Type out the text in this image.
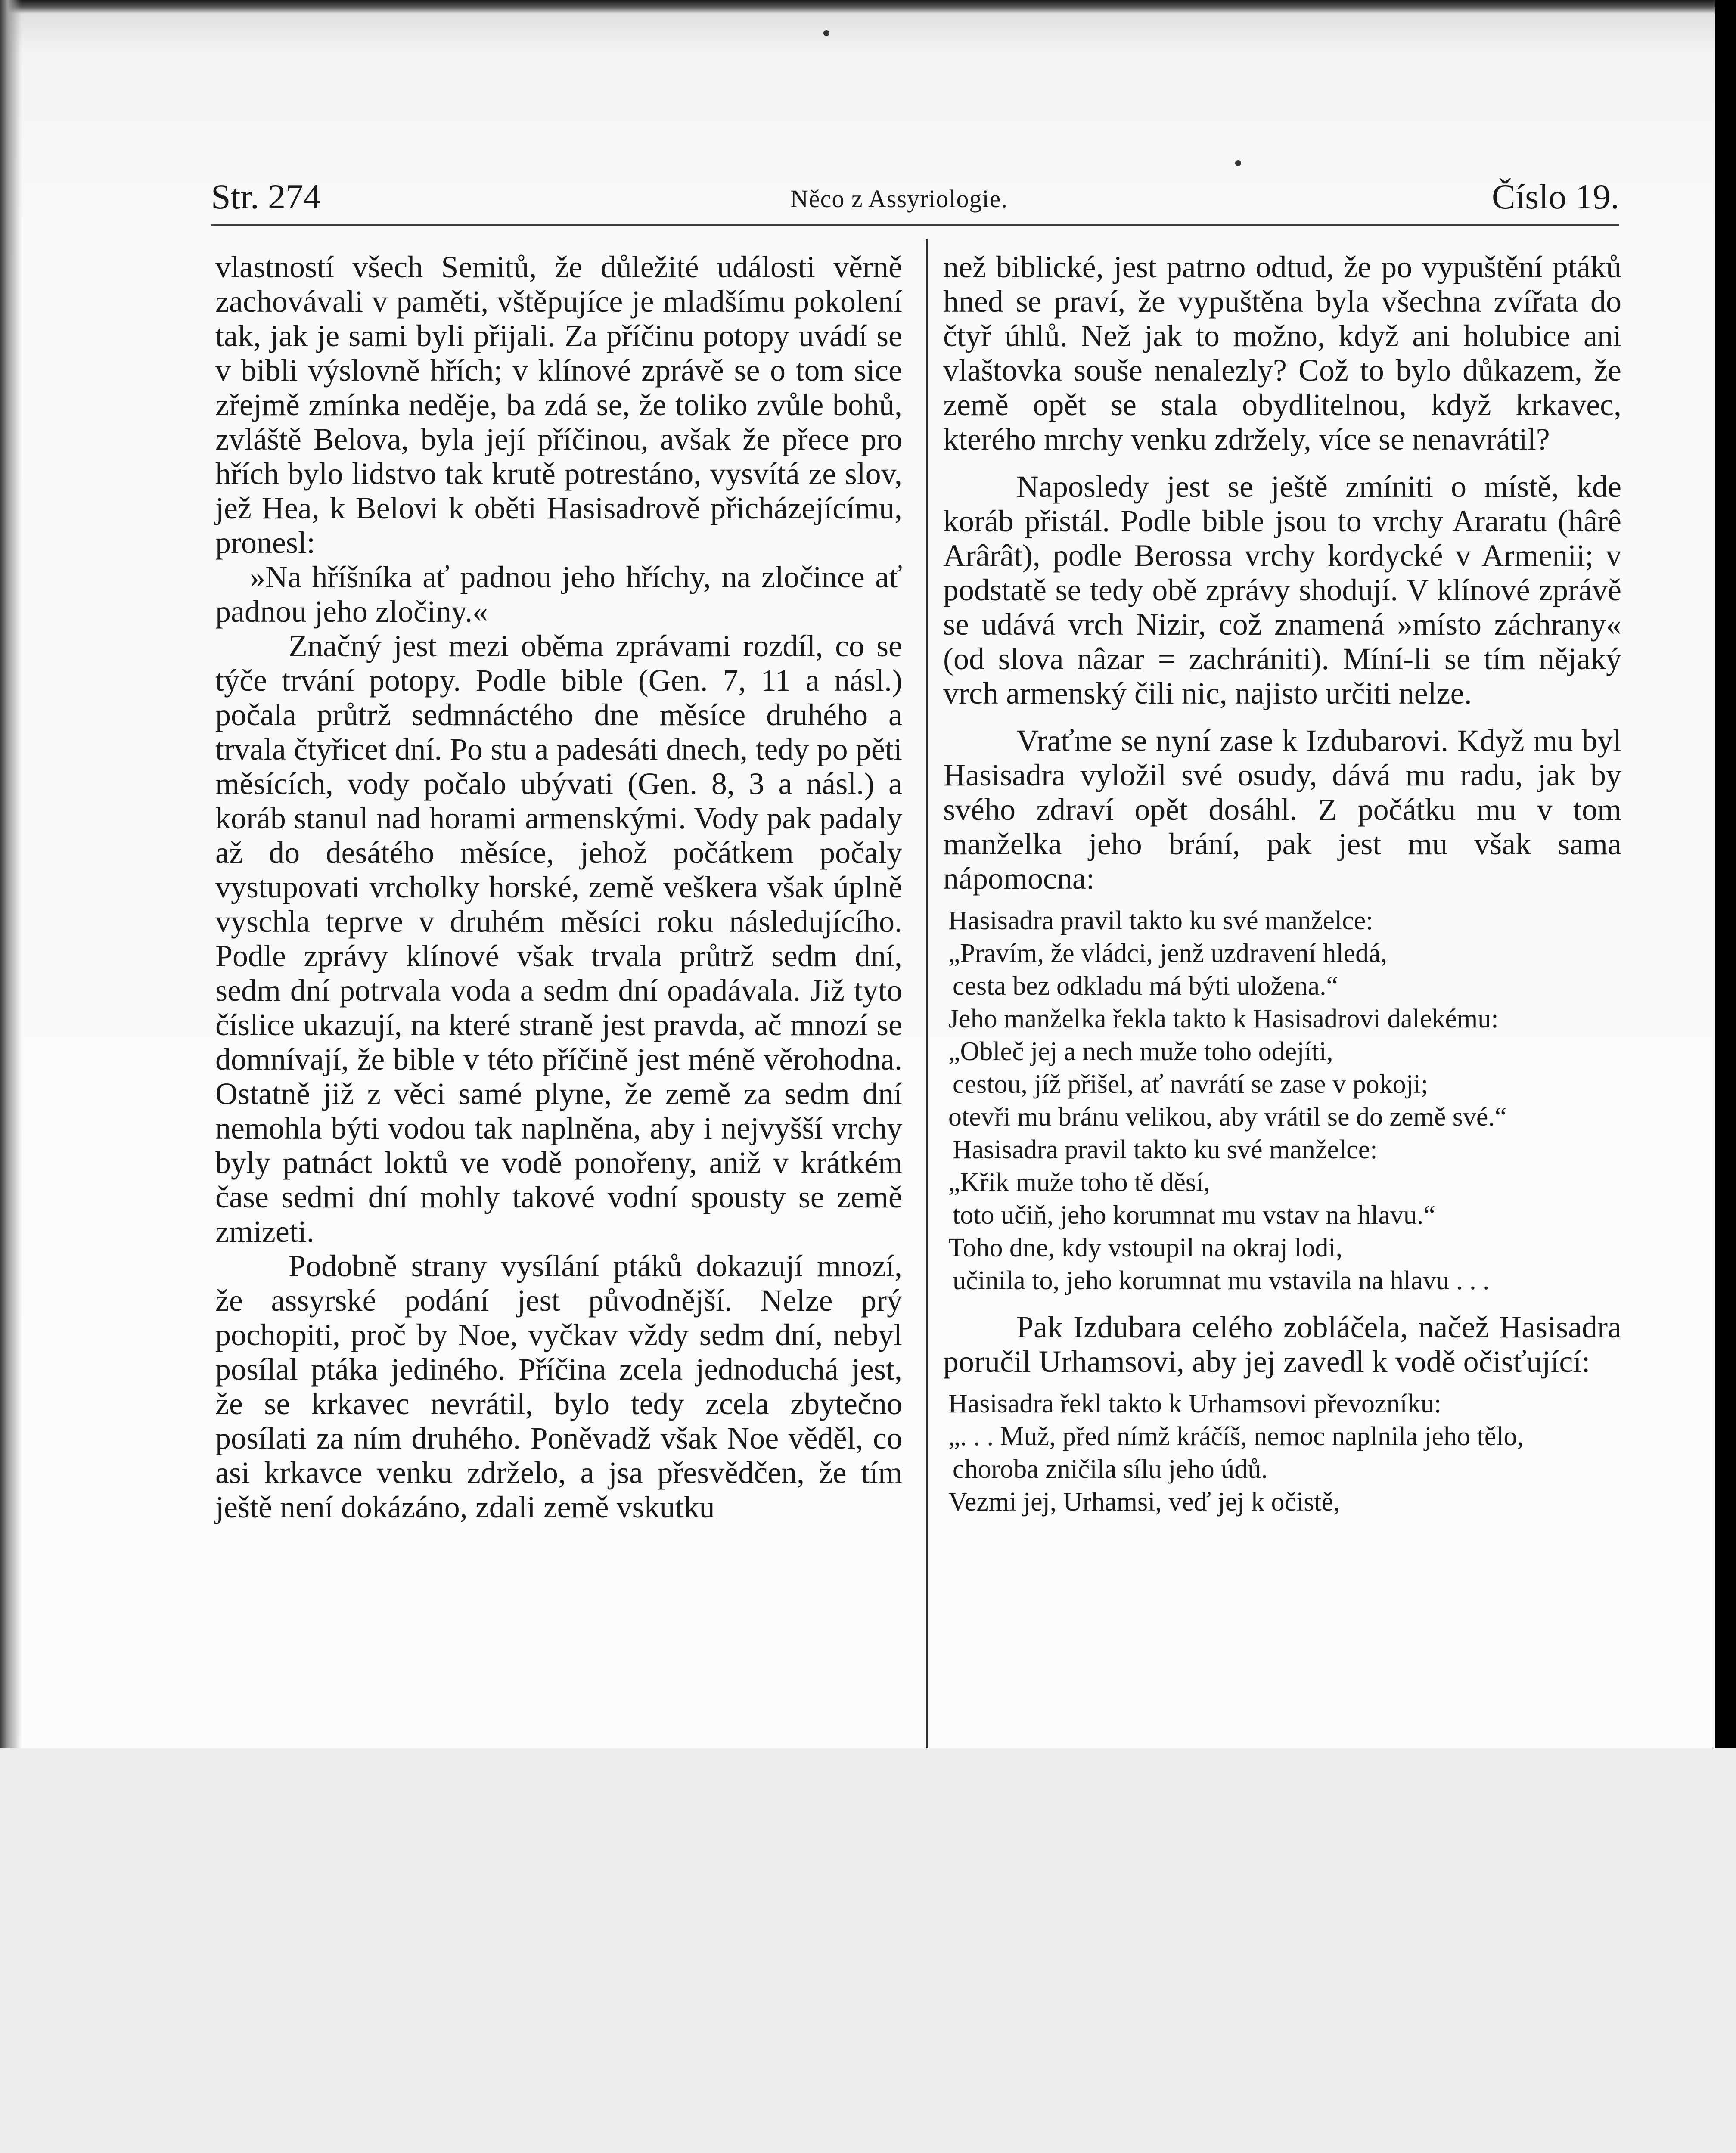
Str. 274	Něco z Assyriologie.	Číslo 19.

vlastností všech Semitů, že důležité události věrně zachovávali v paměti, vštěpujíce je mladšímu pokolení tak, jak je sami byli přijali. Za příčinu potopy uvádí se v bibli výslovně hřích; v klínové zprávě se o tom sice zřejmě zmínka neděje, ba zdá se, že toliko zvůle bohů, zvláště Belova, byla její příčinou, avšak že přece pro hřích bylo lidstvo tak krutě potrestáno, vysvítá ze slov, jež Hea, k Belovi k oběti Hasisadrově přicházejícímu, pronesl:

»Na hříšníka ať padnou jeho hříchy, na zločince ať padnou jeho zločiny.«

Značný jest mezi oběma zprávami rozdíl, co se týče trvání potopy. Podle bible (Gen. 7, 11 a násl.) počala průtrž sedmnáctého dne měsíce druhého a trvala čtyřicet dní. Po stu a padesáti dnech, tedy po pěti měsících, vody počalo ubývati (Gen. 8, 3 a násl.) a koráb stanul nad horami armenskými. Vody pak padaly až do desátého měsíce, jehož počátkem počaly vystupovati vrcholky horské, země veškera však úplně vyschla teprve v druhém měsíci roku následujícího. Podle zprávy klínové však trvala průtrž sedm dní, sedm dní potrvala voda a sedm dní opadávala. Již tyto číslice ukazují, na které straně jest pravda, ač mnozí se domnívají, že bible v této příčině jest méně věrohodna. Ostatně již z věci samé plyne, že země za sedm dní nemohla býti vodou tak naplněna, aby i nejvyšší vrchy byly patnáct loktů ve vodě ponořeny, aniž v krátkém čase sedmi dní mohly takové vodní spousty se země zmizeti.

Podobně strany vysílání ptáků dokazují mnozí, že assyrské podání jest původnější. Nelze prý pochopiti, proč by Noe, vyčkav vždy sedm dní, nebyl posílal ptáka jediného. Příčina zcela jednoduchá jest, že se krkavec nevrátil, bylo tedy zcela zbytečno posílati za ním druhého. Poněvadž však Noe věděl, co asi krkavce venku zdrželo, a jsa přesvědčen, že tím ještě není dokázáno, zdali země vskutku

než biblické, jest patrno odtud, že po vypuštění ptáků hned se praví, že vypuštěna byla všechna zvířata do čtyř úhlů. Než jak to možno, když ani holubice ani vlaštovka souše nenalezly? Což to bylo důkazem, že země opět se stala obydlitelnou, když krkavec, kterého mrchy venku zdržely, více se nenavrátil?

Naposledy jest se ještě zmíniti o místě, kde koráb přistál. Podle bible jsou to vrchy Araratu (hârê Arârât), podle Berossa vrchy kordycké v Armenii; v podstatě se tedy obě zprávy shodují. V klínové zprávě se udává vrch Nizir, což znamená »místo záchrany« (od slova nâzar = zachrániti). Míní-li se tím nějaký vrch armenský čili nic, najisto určiti nelze.

Vraťme se nyní zase k Izdubarovi. Když mu byl Hasisadra vyložil své osudy, dává mu radu, jak by svého zdraví opět dosáhl. Z počátku mu v tom manželka jeho brání, pak jest mu však sama nápomocna:

Hasisadra pravil takto ku své manželce:
„Pravím, že vládci, jenž uzdravení hledá,
cesta bez odkladu má býti uložena.“
Jeho manželka řekla takto k Hasisadrovi dalekému:
„Obleč jej a nech muže toho odejíti,
cestou, jíž přišel, ať navrátí se zase v pokoji;
otevři mu bránu velikou, aby vrátil se do země své.“
Hasisadra pravil takto ku své manželce:
„Křik muže toho tě děsí,
toto učiň, jeho korumnat mu vstav na hlavu.“
Toho dne, kdy vstoupil na okraj lodi,
učinila to, jeho korumnat mu vstavila na hlavu . . .

Pak Izdubara celého zobláčela, načež Hasisadra poručil Urhamsovi, aby jej zavedl k vodě očisťující:

Hasisadra řekl takto k Urhamsovi převozníku:
„. . . Muž, před nímž kráčíš, nemoc naplnila jeho tělo,
choroba zničila sílu jeho údů.
Vezmi jej, Urhamsi, veď jej k očistě,
